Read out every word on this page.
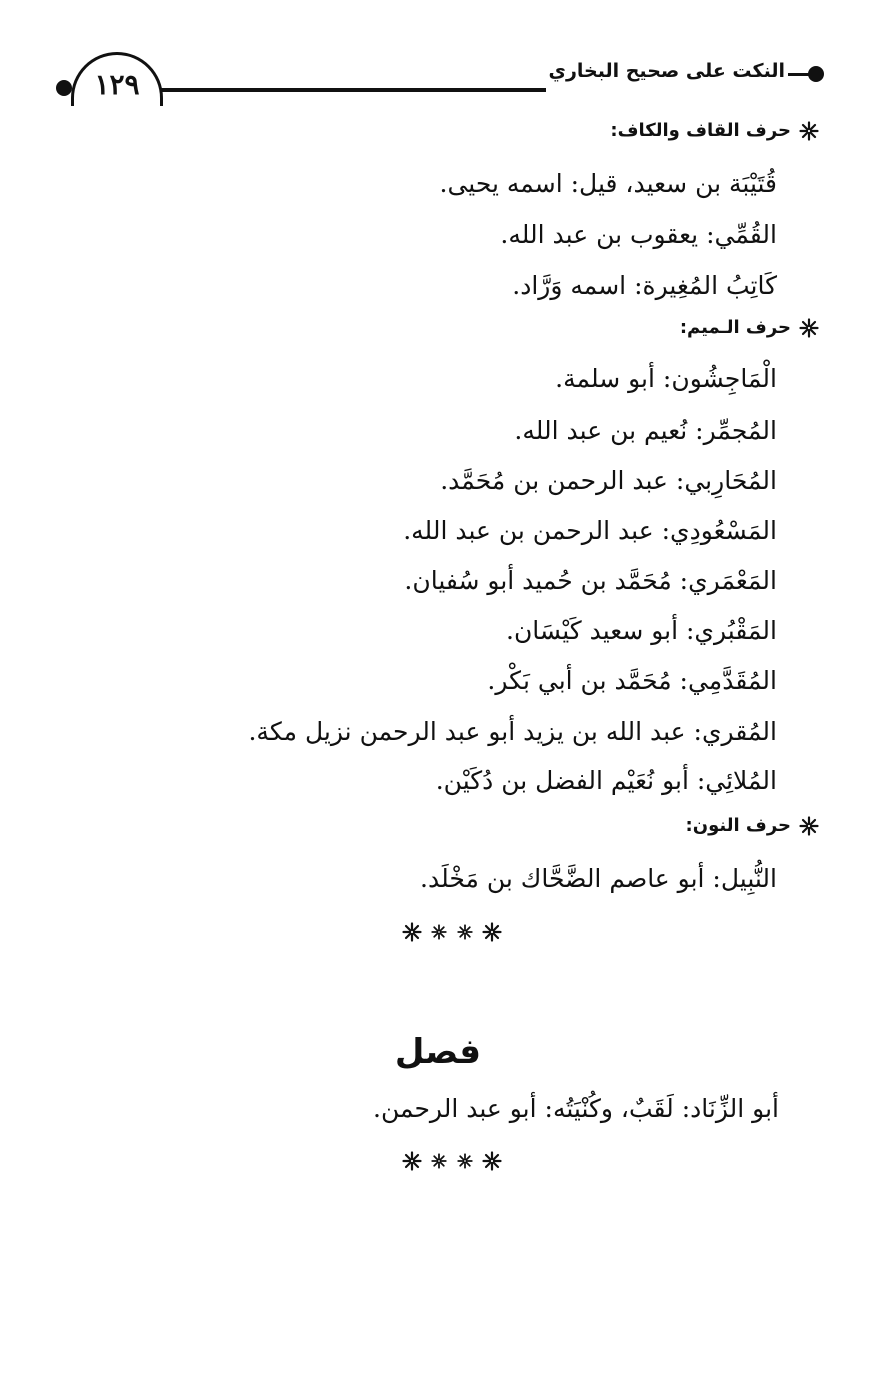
١٢٩	النكت على صحيح البخاري
حرف القاف والكاف:
قُتَيْبَة بن سعيد، قيل: اسمه يحيى.
القُمِّي: يعقوب بن عبد الله.
كَاتِبُ المُغِيرة: اسمه وَرَّاد.
حرف الـميم:
الْمَاجِشُون: أبو سلمة.
المُجمِّر: نُعيم بن عبد الله.
المُحَارِبي: عبد الرحمن بن مُحَمَّد.
المَسْعُودِي: عبد الرحمن بن عبد الله.
المَعْمَري: مُحَمَّد بن حُميد أبو سُفيان.
المَقْبُري: أبو سعيد كَيْسَان.
المُقَدَّمِي: مُحَمَّد بن أبي بَكْر.
المُقري: عبد الله بن يزيد أبو عبد الرحمن نزيل مكة.
المُلائِي: أبو نُعَيْم الفضل بن دُكَيْن.
حرف النون:
النُّبِيل: أبو عاصم الضَّحَّاك بن مَخْلَد.
فصل
أبو الزِّنَاد: لَقَبٌ، وكُنْيَتُه: أبو عبد الرحمن.
